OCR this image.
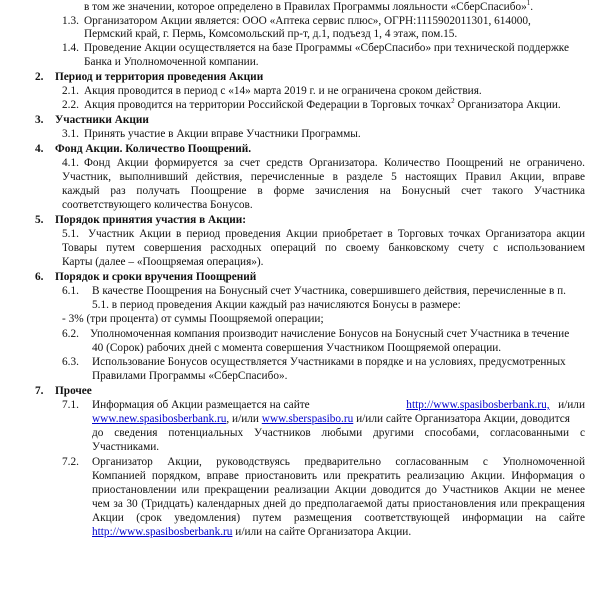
в том же значении, которое определено в Правилах Программы лояльности «СберСпасибо»$^1$.
1.3. Организатором Акции является: ООО «Аптека сервис плюс», ОГРН:1115902011301, 614000,
Пермский край, г. Пермь, Комсомольский пр-т, д.1, подъезд 1, 4 этаж, пом.15.
1.4. Проведение Акции осуществляется на базе Программы «СберСпасибо» при технической поддержке
Банка и Уполномоченной компании.
2. Период и территория проведения Акции
2.1. Акция проводится в период с «14» марта 2019 г. и не ограничена сроком действия.
2.2. Акция проводится на территории Российской Федерации в Торговых точках$^2$ Организатора Акции.
3. Участники Акции
3.1. Принять участие в Акции вправе Участники Программы.
4. Фонд Акции. Количество Поощрений.
4.1. Фонд Акции формируется за счет средств Организатора. Количество Поощрений не ограничено.
Участник, выполнивший действия, перечисленные в разделе 5 настоящих Правил Акции, вправе
каждый раз получать Поощрение в форме зачисления на Бонусный счет такого Участника
соответствующего количества Бонусов.
5. Порядок принятия участия в Акции:
5.1. Участник Акции в период проведения Акции приобретает в Торговых точках Организатора акции
Товары путем совершения расходных операций по своему банковскому счету с использованием
Карты (далее – «Поощряемая операция»).
6. Порядок и сроки вручения Поощрений
6.1. В качестве Поощрения на Бонусный счет Участника, совершившего действия, перечисленные в п.
5.1. в период проведения Акции каждый раз начисляются Бонусы в размере:
- 3% (три процента) от суммы Поощряемой операции;
6.2. Уполномоченная компания производит начисление Бонусов на Бонусный счет Участника в течение
40 (Сорок) рабочих дней с момента совершения Участником Поощряемой операции.
6.3. Использование Бонусов осуществляется Участниками в порядке и на условиях, предусмотренных
Правилами Программы «СберСпасибо».
7. Прочее
7.1. Информация об Акции размещается на сайте	http://www.spasibosberbank.ru, и/или
www.new.spasibosberbank.ru, и/или www.sberspasibo.ru и/или сайте Организатора Акции, доводится
до сведения потенциальных Участников любыми другими способами, согласованными с
Участниками.
7.2. Организатор Акции, руководствуясь предварительно согласованным с Уполномоченной
Компанией порядком, вправе приостановить или прекратить реализацию Акции. Информация о
приостановлении или прекращении реализации Акции доводится до Участников Акции не менее
чем за 30 (Тридцать) календарных дней до предполагаемой даты приостановления или прекращения
Акции (срок уведомления) путем размещения соответствующей информации на сайте
http://www.spasibosberbank.ru и/или на сайте Организатора Акции.
